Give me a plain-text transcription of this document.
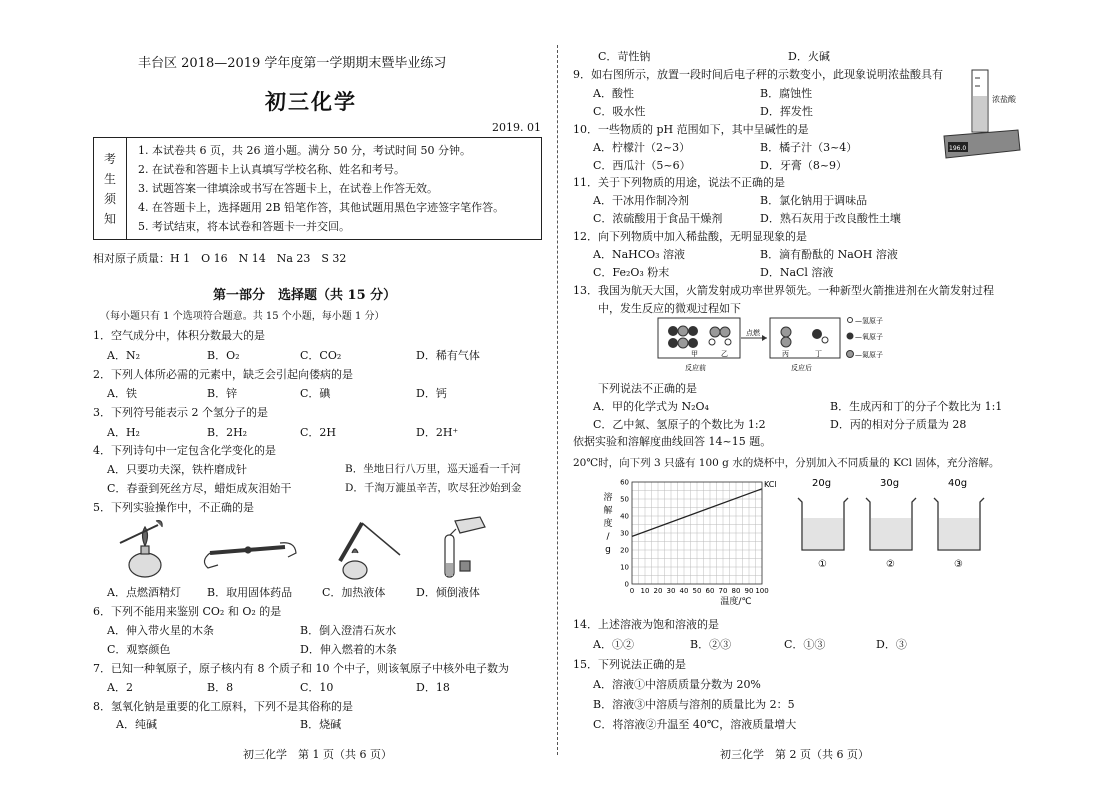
丰台区 2018—2019 学年度第一学期期末暨毕业练习
初三化学
2019. 01
考
生
须
知
1. 本试卷共 6 页，共 26 道小题。满分 50 分，考试时间 50 分钟。
2. 在试卷和答题卡上认真填写学校名称、姓名和考号。
3. 试题答案一律填涂或书写在答题卡上，在试卷上作答无效。
4. 在答题卡上，选择题用 2B 铅笔作答，其他试题用黑色字迹签字笔作答。
5. 考试结束，将本试卷和答题卡一并交回。
相对原子质量：H 1　O 16　N 14　Na 23　S 32
第一部分　选择题（共 15 分）
（每小题只有 1 个选项符合题意。共 15 个小题，每小题 1 分）
1．空气成分中，体积分数最大的是
A．N₂	B．O₂	C．CO₂	D．稀有气体
2．下列人体所必需的元素中，缺乏会引起向偻病的是
A．铁	B．锌	C．碘	D．钙
3．下列符号能表示 2 个氢分子的是
A．H₂	B．2H₂	C．2H	D．2H⁺
4．下列诗句中一定包含化学变化的是
A．只要功夫深，铁杵磨成针	B．坐地日行八万里，巡天遥看一千河
C．春蚕到死丝方尽，蜡炬成灰泪始干	D．千淘万漉虽辛苦，吹尽狂沙始到金
5．下列实验操作中，不正确的是
A．点燃酒精灯 B．取用固体药品	C．加热液体	D．倾倒液体
6．下列不能用来鉴别 CO₂ 和 O₂ 的是
A．伸入带火星的木条	B．倒入澄清石灰水
C．观察颜色	D．伸入燃着的木条
7．已知一种氧原子，原子核内有 8 个质子和 10 个中子，则该氧原子中核外电子数为
A．2	B．8	C．10	D．18
8．氢氧化钠是重要的化工原料，下列不是其俗称的是
A．纯碱	B．烧碱
初三化学　第 1 页（共 6 页）
C．苛性钠	D．火碱
9．如右图所示，放置一段时间后电子秤的示数变小，此现象说明浓盐酸具有
A．酸性	B．腐蚀性
C．吸水性	D．挥发性
196.0
浓盐酸
10．一些物质的 pH 范围如下，其中呈碱性的是
A．柠檬汁（2~3）	B．橘子汁（3~4）
C．西瓜汁（5~6）	D．牙膏（8~9）
11．关于下列物质的用途，说法不正确的是
A．干冰用作制冷剂	B．氯化钠用于调味品
C．浓硫酸用于食品干燥剂	D．熟石灰用于改良酸性土壤
12．向下列物质中加入稀盐酸，无明显现象的是
A．NaHCO₃ 溶液	B．滴有酚酞的 NaOH 溶液
C．Fe₂O₃ 粉末	D．NaCl 溶液
13．我国为航天大国，火箭发射成功率世界领先。一种新型火箭推进剂在火箭发射过程
中，发生反应的微观过程如下
点燃
甲	乙	丙	丁
反应前	反应后
—氢原子
—氧原子
—氮原子
下列说法不正确的是
A．甲的化学式为 N₂O₄	B．生成丙和丁的分子个数比为 1:1
C．乙中氮、氢原子的个数比为 1:2	D．丙的相对分子质量为 28
依据实验和溶解度曲线回答 14~15 题。
20℃时，向下列 3 只盛有 100 g 水的烧杯中，分别加入不同质量的 KCl 固体，充分溶解。
0 10 20 30 40 50 60 70 80 90 100
0
10
20
30
40
50
60	KCl
溶
解
度
/
g
温度/℃
20g
①
30g
②
40g
③
14．上述溶液为饱和溶液的是
A．①②	B．②③	C．①③	D．③
15．下列说法正确的是
A．溶液①中溶质质量分数为 20%
B．溶液③中溶质与溶剂的质量比为 2：5
C．将溶液②升温至 40℃，溶液质量增大
初三化学　第 2 页（共 6 页）
